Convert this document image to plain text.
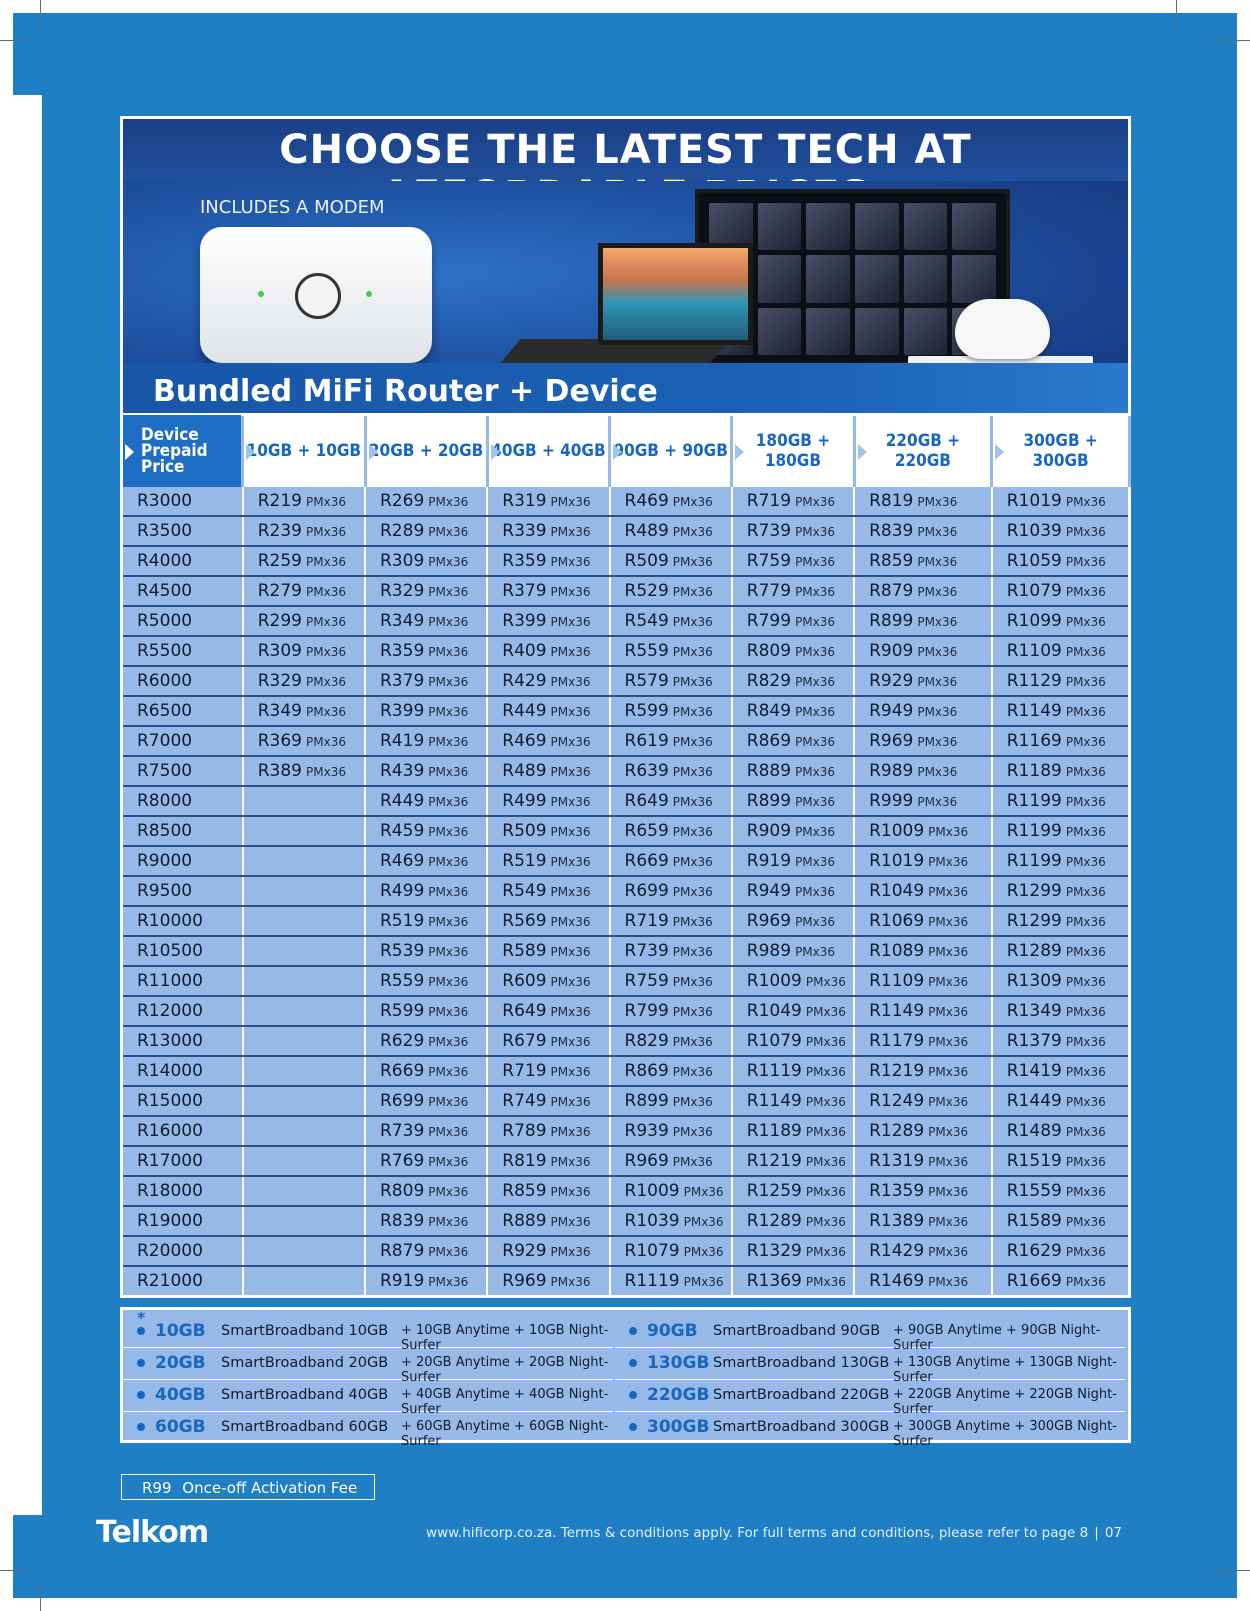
CHOOSE THE LATEST TECH AT
INCLUDES A MODEM
Bundled MiFi Router + Device
Device
Prepaid Price	10GB + 10GB	20GB + 20GB	40GB + 40GB	90GB + 90GB	180GB + 180GB	220GB + 220GB	300GB + 300GB
R3000	R219 PMx36	R269 PMx36	R319 PMx36	R469 PMx36	R719 PMx36	R819 PMx36	R1019 PMx36
R3500	R239 PMx36	R289 PMx36	R339 PMx36	R489 PMx36	R739 PMx36	R839 PMx36	R1039 PMx36
R4000	R259 PMx36	R309 PMx36	R359 PMx36	R509 PMx36	R759 PMx36	R859 PMx36	R1059 PMx36
R4500	R279 PMx36	R329 PMx36	R379 PMx36	R529 PMx36	R779 PMx36	R879 PMx36	R1079 PMx36
R5000	R299 PMx36	R349 PMx36	R399 PMx36	R549 PMx36	R799 PMx36	R899 PMx36	R1099 PMx36
R5500	R309 PMx36	R359 PMx36	R409 PMx36	R559 PMx36	R809 PMx36	R909 PMx36	R1109 PMx36
R6000	R329 PMx36	R379 PMx36	R429 PMx36	R579 PMx36	R829 PMx36	R929 PMx36	R1129 PMx36
R6500	R349 PMx36	R399 PMx36	R449 PMx36	R599 PMx36	R849 PMx36	R949 PMx36	R1149 PMx36
R7000	R369 PMx36	R419 PMx36	R469 PMx36	R619 PMx36	R869 PMx36	R969 PMx36	R1169 PMx36
R7500	R389 PMx36	R439 PMx36	R489 PMx36	R639 PMx36	R889 PMx36	R989 PMx36	R1189 PMx36
R8000		R449 PMx36	R499 PMx36	R649 PMx36	R899 PMx36	R999 PMx36	R1199 PMx36
R8500		R459 PMx36	R509 PMx36	R659 PMx36	R909 PMx36	R1009 PMx36	R1199 PMx36
R9000		R469 PMx36	R519 PMx36	R669 PMx36	R919 PMx36	R1019 PMx36	R1199 PMx36
R9500		R499 PMx36	R549 PMx36	R699 PMx36	R949 PMx36	R1049 PMx36	R1299 PMx36
R10000		R519 PMx36	R569 PMx36	R719 PMx36	R969 PMx36	R1069 PMx36	R1299 PMx36
R10500		R539 PMx36	R589 PMx36	R739 PMx36	R989 PMx36	R1089 PMx36	R1289 PMx36
R11000		R559 PMx36	R609 PMx36	R759 PMx36	R1009 PMx36	R1109 PMx36	R1309 PMx36
R12000		R599 PMx36	R649 PMx36	R799 PMx36	R1049 PMx36	R1149 PMx36	R1349 PMx36
R13000		R629 PMx36	R679 PMx36	R829 PMx36	R1079 PMx36	R1179 PMx36	R1379 PMx36
R14000		R669 PMx36	R719 PMx36	R869 PMx36	R1119 PMx36	R1219 PMx36	R1419 PMx36
R15000		R699 PMx36	R749 PMx36	R899 PMx36	R1149 PMx36	R1249 PMx36	R1449 PMx36
R16000		R739 PMx36	R789 PMx36	R939 PMx36	R1189 PMx36	R1289 PMx36	R1489 PMx36
R17000		R769 PMx36	R819 PMx36	R969 PMx36	R1219 PMx36	R1319 PMx36	R1519 PMx36
R18000		R809 PMx36	R859 PMx36	R1009 PMx36	R1259 PMx36	R1359 PMx36	R1559 PMx36
R19000		R839 PMx36	R889 PMx36	R1039 PMx36	R1289 PMx36	R1389 PMx36	R1589 PMx36
R20000		R879 PMx36	R929 PMx36	R1079 PMx36	R1329 PMx36	R1429 PMx36	R1629 PMx36
R21000		R919 PMx36	R969 PMx36	R1119 PMx36	R1369 PMx36	R1469 PMx36	R1669 PMx36
*
10GB SmartBroadband 10GB + 10GB Anytime + 10GB Night-Surfer
20GB SmartBroadband 20GB + 20GB Anytime + 20GB Night-Surfer
40GB SmartBroadband 40GB + 40GB Anytime + 40GB Night-Surfer
60GB SmartBroadband 60GB + 60GB Anytime + 60GB Night-Surfer
90GB SmartBroadband 90GB + 90GB Anytime + 90GB Night-Surfer
130GB SmartBroadband 130GB + 130GB Anytime + 130GB Night-Surfer
220GB SmartBroadband 220GB + 220GB Anytime + 220GB Night-Surfer
300GB SmartBroadband 300GB + 300GB Anytime + 300GB Night-Surfer
R99 Once-off Activation Fee
Telkom	www.hificorp.co.za. Terms & conditions apply. For full terms and conditions, please refer to page 8 | 07
